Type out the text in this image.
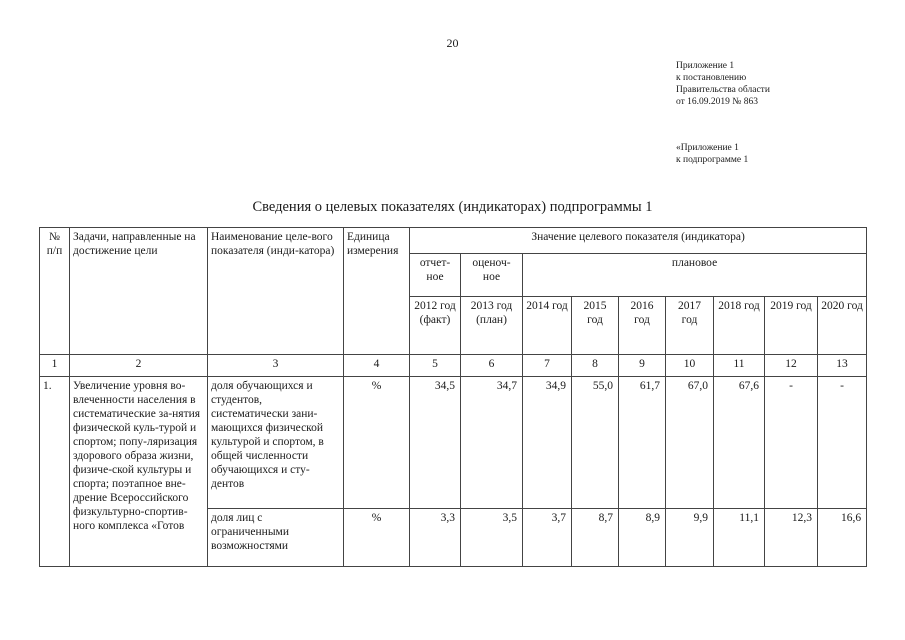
20
Приложение 1
к постановлению
Правительства области
от 16.09.2019 № 863
«Приложение 1
к подпрограмме 1
Сведения о целевых показателях (индикаторах) подпрограммы 1
№ п/п	Задачи, направленные на достижение цели	Наименование целе-вого показателя (инди-катора)	Единица измерения	Значение целевого показателя (индикатора)								
				отчет-ное	оценоч-ное	плановое						
				2012 год (факт)	2013 год (план)	2014 год	2015 год	2016 год	2017 год	2018 год	2019 год	2020 год
1	2	3	4	5	6	7	8	9	10	11	12	13
1.	Увеличение уровня во-влеченности населения в систематические за-нятия физической куль-турой и спортом; попу-ляризация здорового образа жизни, физиче-ской культуры и спорта; поэтапное вне-дрение Всероссийского физкультурно-спортив-ного комплекса «Готов	доля обучающихся и студентов, систематически зани-мающихся физической культурой и спортом, в общей численности обучающихся и сту-дентов	%	34,5	34,7	34,9	55,0	61,7	67,0	67,6	-	-
		доля лиц с ограниченными возможностями	%	3,3	3,5	3,7	8,7	8,9	9,9	11,1	12,3	16,6
